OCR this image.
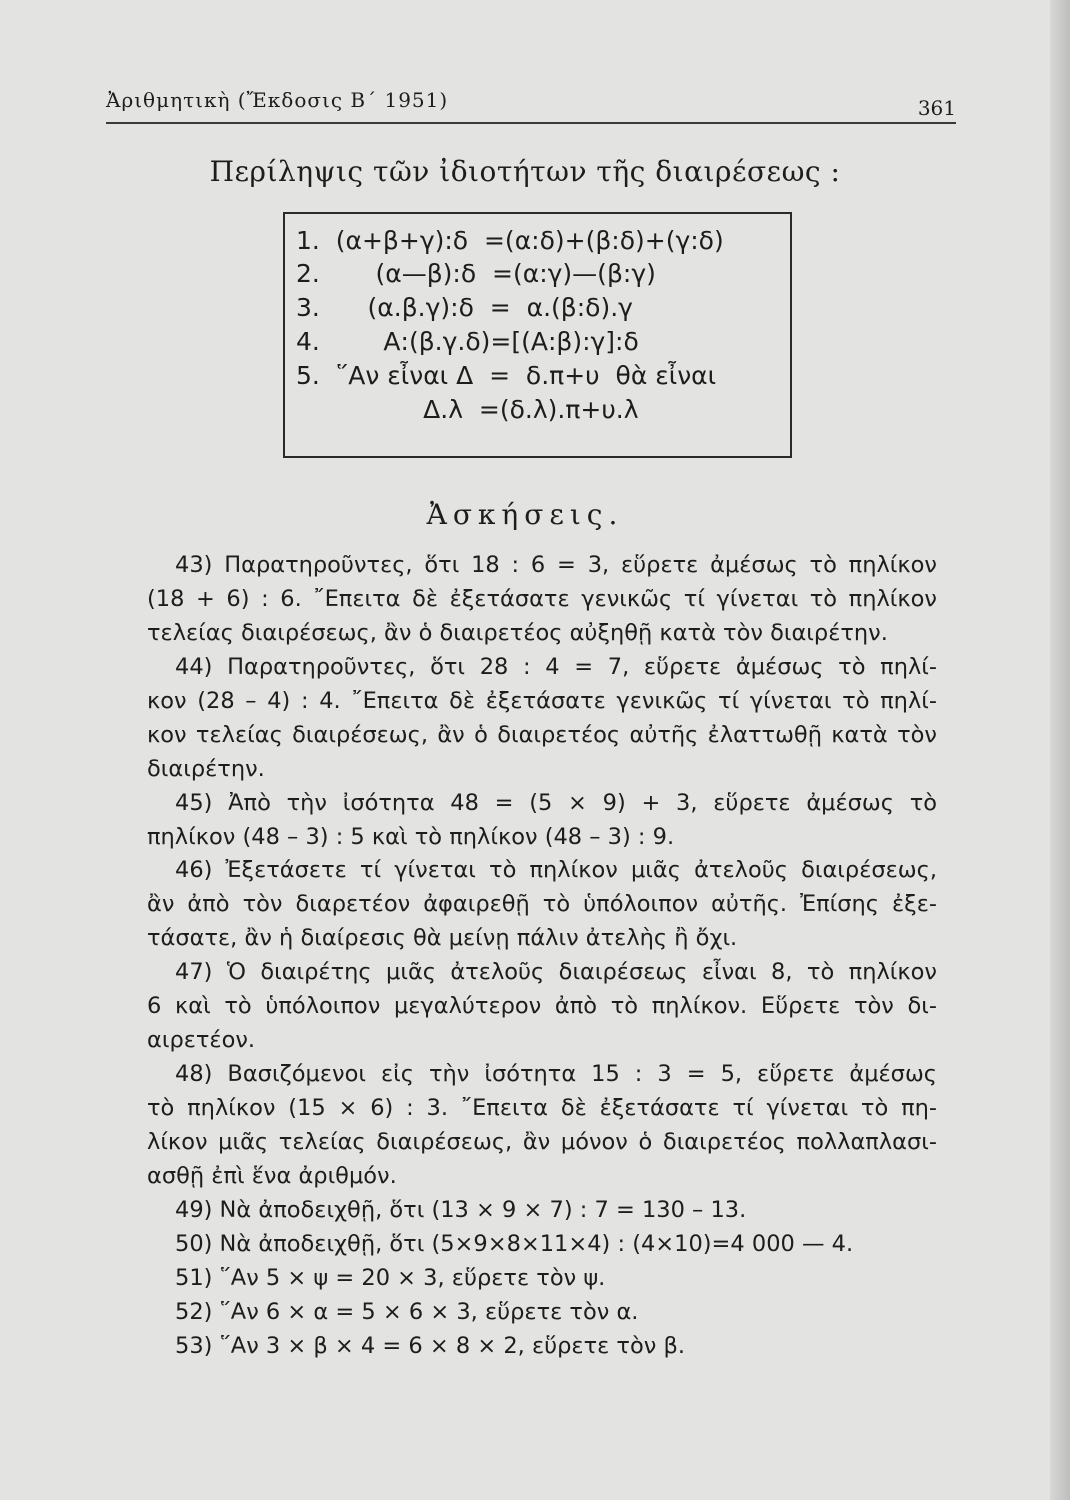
Ἀριθμητικὴ (Ἔκδοσις Β΄ 1951)	361
Περίληψις τῶν ἰδιοτήτων τῆς διαιρέσεως :
1.  (α+β+γ):δ  =(α:δ)+(β:δ)+(γ:δ)
2.       (α—β):δ  =(α:γ)—(β:γ)
3.      (α.β.γ):δ  =  α.(β:δ).γ
4.        Α:(β.γ.δ)=[(Α:β):γ]:δ
5.  ῞Αν εἶναι Δ  =  δ.π+υ  θὰ εἶναι
Δ.λ  =(δ.λ).π+υ.λ
Ἀσκήσεις.
43) Παρατηροῦντες, ὅτι 18 : 6 = 3, εὕρετε ἀμέσως τὸ πηλίκον
(18 + 6) : 6. ῎Επειτα δὲ ἐξετάσατε γενικῶς τί γίνεται τὸ πηλίκον
τελείας διαιρέσεως, ἂν ὁ διαιρετέος αὐξηθῇ κατὰ τὸν διαιρέτην.
44) Παρατηροῦντες, ὅτι 28 : 4 = 7, εὕρετε ἀμέσως τὸ πηλί-
κον (28 – 4) : 4. ῎Επειτα δὲ ἐξετάσατε γενικῶς τί γίνεται τὸ πηλί-
κον τελείας διαιρέσεως, ἂν ὁ διαιρετέος αὐτῆς ἐλαττωθῇ κατὰ τὸν
διαιρέτην.
45) Ἀπὸ τὴν ἰσότητα 48 = (5 × 9) + 3, εὕρετε ἀμέσως τὸ
πηλίκον (48 – 3) : 5 καὶ τὸ πηλίκον (48 – 3) : 9.
46) Ἐξετάσετε τί γίνεται τὸ πηλίκον μιᾶς ἀτελοῦς διαιρέσεως,
ἂν ἀπὸ τὸν διαρετέον ἀφαιρεθῇ τὸ ὑπόλοιπον αὐτῆς. Ἐπίσης ἐξε-
τάσατε, ἂν ἡ διαίρεσις θὰ μείνῃ πάλιν ἀτελὴς ἢ ὄχι.
47) Ὁ διαιρέτης μιᾶς ἀτελοῦς διαιρέσεως εἶναι 8, τὸ πηλίκον
6 καὶ τὸ ὑπόλοιπον μεγαλύτερον ἀπὸ τὸ πηλίκον. Εὕρετε τὸν δι-
αιρετέον.
48) Βασιζόμενοι εἰς τὴν ἰσότητα 15 : 3 = 5, εὕρετε ἀμέσως
τὸ πηλίκον (15 × 6) : 3. ῎Επειτα δὲ ἐξετάσατε τί γίνεται τὸ πη-
λίκον μιᾶς τελείας διαιρέσεως, ἂν μόνον ὁ διαιρετέος πολλαπλασι-
ασθῇ ἐπὶ ἕνα ἀριθμόν.
49) Νὰ ἀποδειχθῇ, ὅτι (13 × 9 × 7) : 7 = 130 – 13.
50) Νὰ ἀποδειχθῇ, ὅτι (5×9×8×11×4) : (4×10)=4 000 — 4.
51) ῞Αν 5 × ψ = 20 × 3, εὕρετε τὸν ψ.
52) ῞Αν 6 × α = 5 × 6 × 3, εὕρετε τὸν α.
53) ῞Αν 3 × β × 4 = 6 × 8 × 2, εὕρετε τὸν β.
